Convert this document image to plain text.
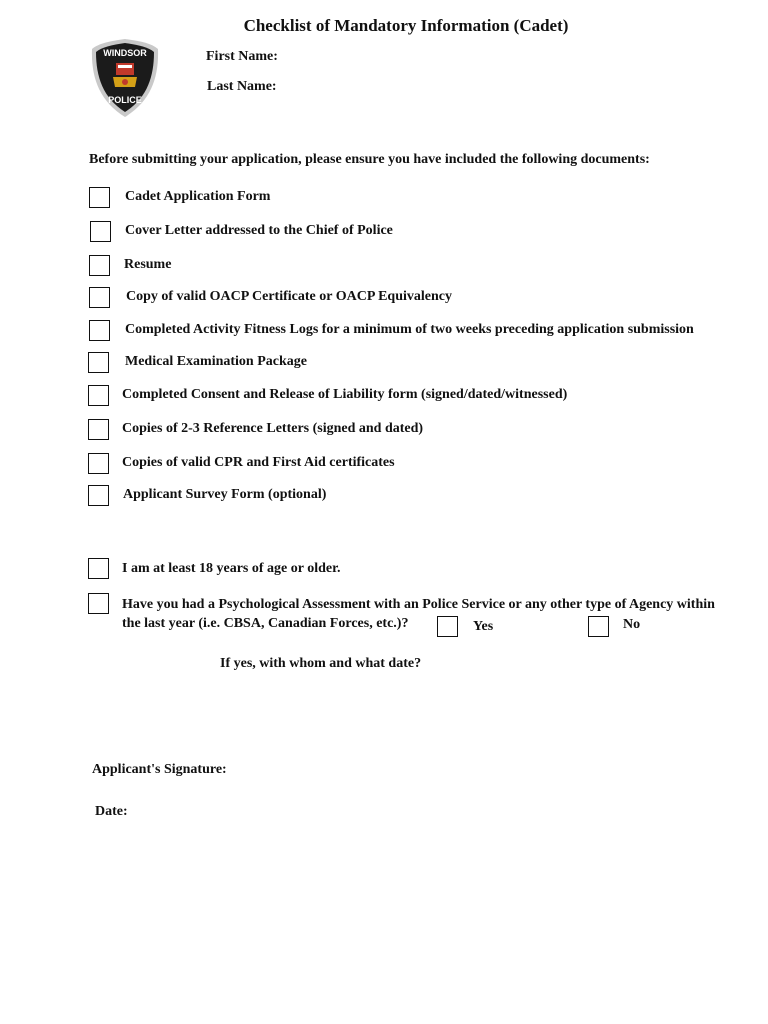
Checklist of Mandatory Information (Cadet)
WINDSOR
POLICE
First Name:
Last Name:
Before submitting your application, please ensure you have included the following documents:
Cadet Application Form
Cover Letter addressed to the Chief of Police
Resume
Copy of valid OACP Certificate or OACP Equivalency
Completed Activity Fitness Logs for a minimum of two weeks preceding application submission
Medical Examination Package
Completed Consent and Release of Liability form (signed/dated/witnessed)
Copies of 2-3 Reference Letters (signed and dated)
Copies of valid CPR and First Aid certificates
Applicant Survey Form (optional)
I am at least 18 years of age or older.
Have you had a Psychological Assessment with an Police Service or any other type of Agency within
the last year (i.e. CBSA, Canadian Forces, etc.)?	Yes	No
If yes, with whom and what date?
Applicant's Signature:
Date:
